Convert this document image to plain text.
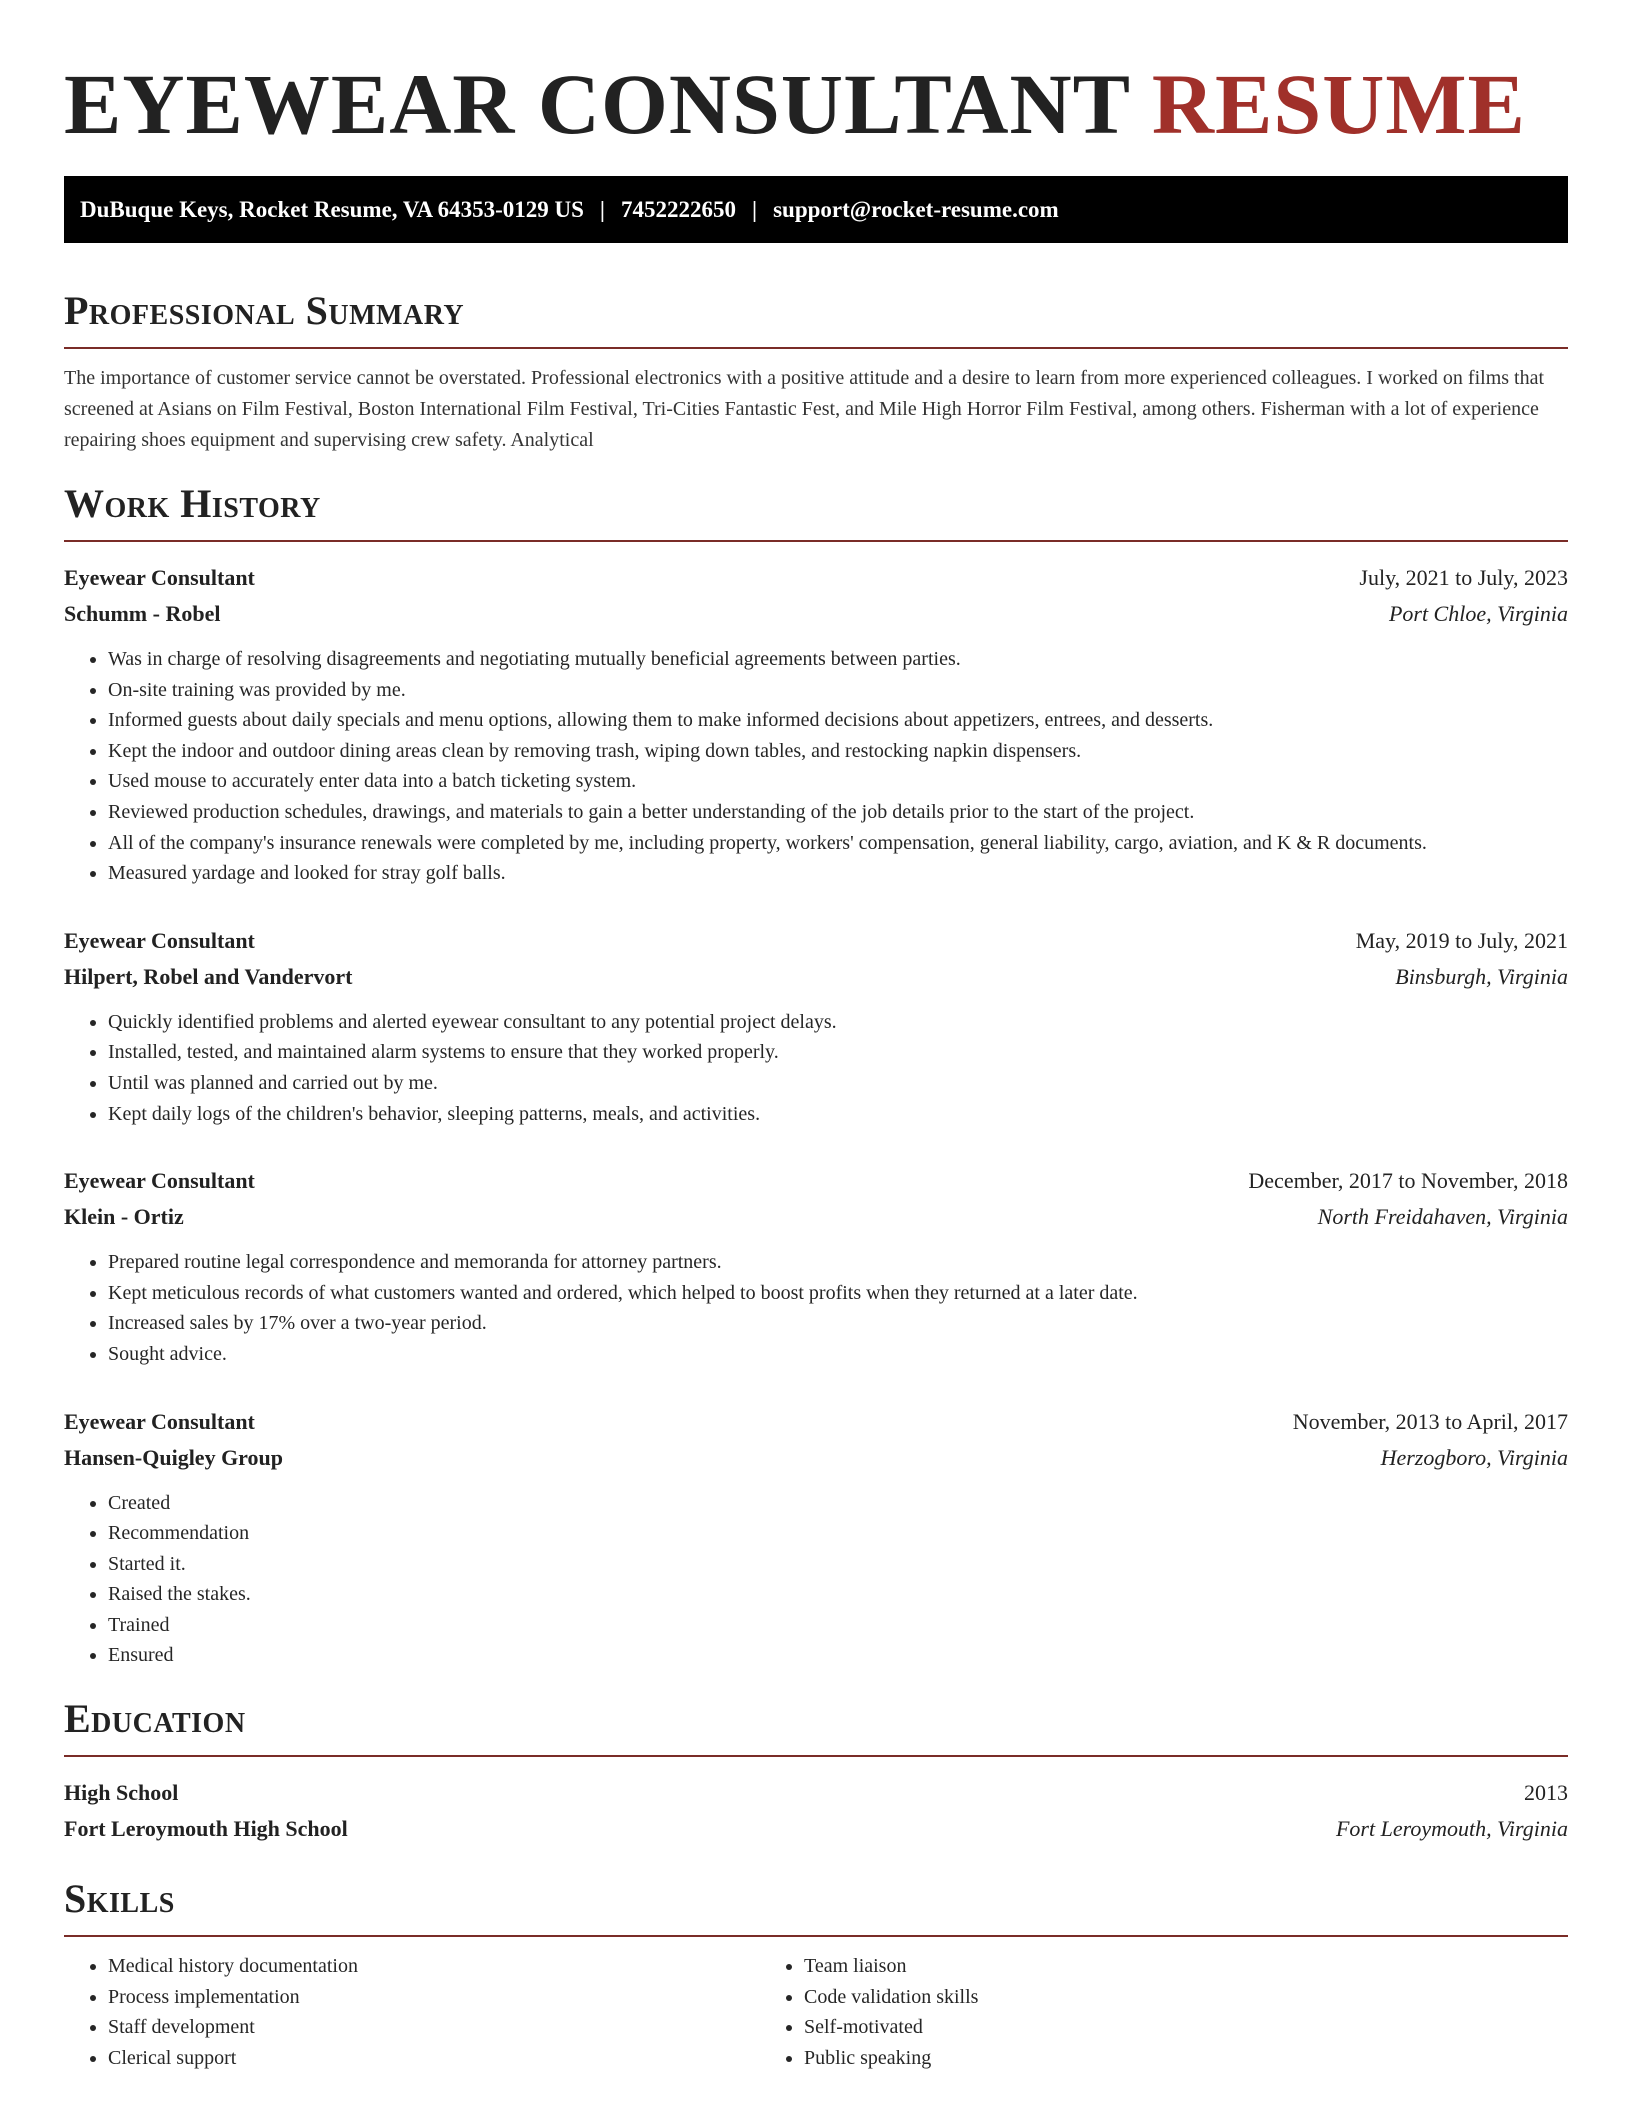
EYEWEAR CONSULTANT RESUME
DuBuque Keys, Rocket Resume, VA 64353-0129 US | 7452222650 | support@rocket-resume.com
Professional Summary

The importance of customer service cannot be overstated. Professional electronics with a positive attitude and a desire to learn from more experienced colleagues. I worked on films that screened at Asians on Film Festival, Boston International Film Festival, Tri-Cities Fantastic Fest, and Mile High Horror Film Festival, among others. Fisherman with a lot of experience repairing shoes equipment and supervising crew safety. Analytical

Work History
Eyewear Consultant	July, 2021 to July, 2023
Schumm - Robel	Port Chloe, Virginia
• Was in charge of resolving disagreements and negotiating mutually beneficial agreements between parties.
• On-site training was provided by me.
• Informed guests about daily specials and menu options, allowing them to make informed decisions about appetizers, entrees, and desserts.
• Kept the indoor and outdoor dining areas clean by removing trash, wiping down tables, and restocking napkin dispensers.
• Used mouse to accurately enter data into a batch ticketing system.
• Reviewed production schedules, drawings, and materials to gain a better understanding of the job details prior to the start of the project.
• All of the company's insurance renewals were completed by me, including property, workers' compensation, general liability, cargo, aviation, and K & R documents.
• Measured yardage and looked for stray golf balls.
Eyewear Consultant	May, 2019 to July, 2021
Hilpert, Robel and Vandervort	Binsburgh, Virginia
• Quickly identified problems and alerted eyewear consultant to any potential project delays.
• Installed, tested, and maintained alarm systems to ensure that they worked properly.
• Until was planned and carried out by me.
• Kept daily logs of the children's behavior, sleeping patterns, meals, and activities.
Eyewear Consultant	December, 2017 to November, 2018
Klein - Ortiz	North Freidahaven, Virginia
• Prepared routine legal correspondence and memoranda for attorney partners.
• Kept meticulous records of what customers wanted and ordered, which helped to boost profits when they returned at a later date.
• Increased sales by 17% over a two-year period.
• Sought advice.
Eyewear Consultant	November, 2013 to April, 2017
Hansen-Quigley Group	Herzogboro, Virginia
• Created
• Recommendation
• Started it.
• Raised the stakes.
• Trained
• Ensured
Education
High School	2013
Fort Leroymouth High School	Fort Leroymouth, Virginia
Skills
• Medical history documentation
• Process implementation
• Staff development
• Clerical support
• Team liaison
• Code validation skills
• Self-motivated
• Public speaking
